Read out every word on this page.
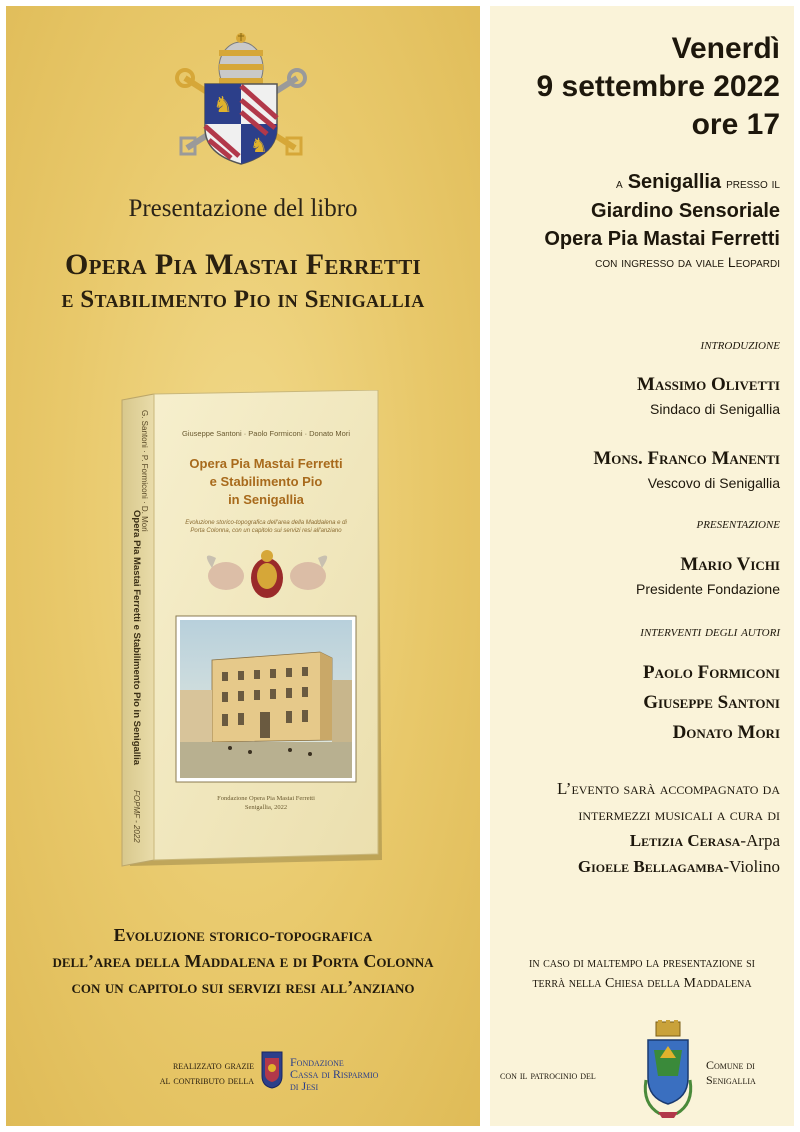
♞
♞
Presentazione del libro
Opera Pia Mastai Ferretti
e Stabilimento Pio in Senigallia
G. Santoni · P. Formiconi · D. Mori
Opera Pia Mastai Ferretti e Stabilimento Pio in Senigallia
FOPMF - 2022
Giuseppe Santoni · Paolo Formiconi · Donato Mori
Opera Pia Mastai Ferretti
e Stabilimento Pio
in Senigallia
Evoluzione storico-topografica dell'area della Maddalena e di
Porta Colonna, con un capitolo sui servizi resi all'anziano
Fondazione Opera Pia Mastai Ferretti
Senigallia, 2022
Evoluzione storico-topografica
dell’area della Maddalena e di Porta Colonna
con un capitolo sui servizi resi all’anziano
realizzato grazie
al contributo della
Fondazione
Cassa di Risparmio
di Jesi
Venerdì
9 settembre 2022
ore 17
a Senigallia presso il
Giardino Sensoriale
Opera Pia Mastai Ferretti
con ingresso da viale Leopardi
introduzione
Massimo Olivetti
Sindaco di Senigallia
Mons. Franco Manenti
Vescovo di Senigallia
presentazione
Mario Vichi
Presidente Fondazione
interventi degli autori
Paolo Formiconi
Giuseppe Santoni
Donato Mori
L’evento sarà accompagnato da
intermezzi musicali a cura di
Letizia Cerasa-Arpa
Gioele Bellagamba-Violino
in caso di maltempo la presentazione si
terrà nella Chiesa della Maddalena
con il patrocinio del
Comune di
Senigallia
